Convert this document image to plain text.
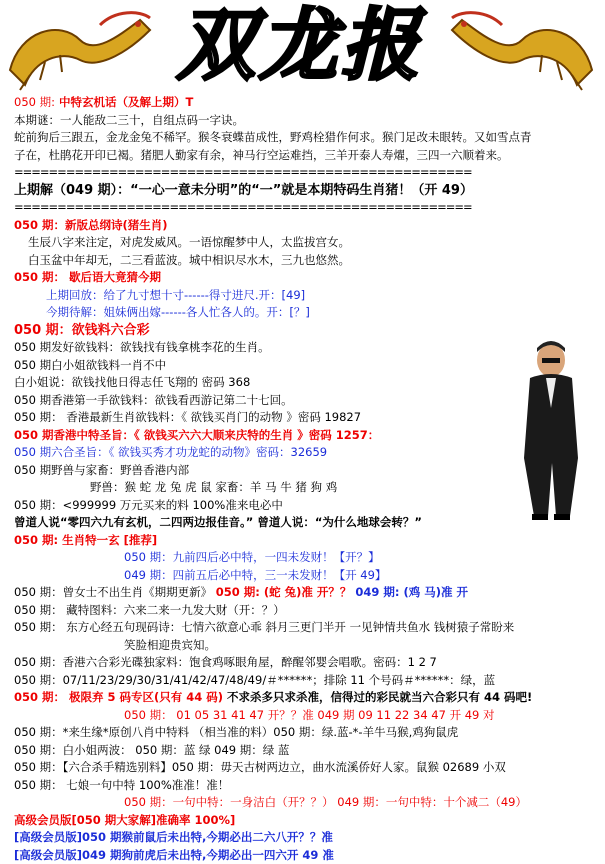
双龙报
050 期: 中特玄机话（及解上期）T
本期谜：一人能敌二三十，自组点码一字诀。
蛇前狗后三跟五，金龙金兔不稀罕。猴冬衰蝶苗成性，野鸡栓猎作何求。猴门足改未眼转。又如雪点青
子在，杜鹃花开印已褐。猪肥人勤家有余，神马行空运难挡，三羊开泰人寿燿，三四一六顺着来。
=====================================================
上期解（049 期）：“一心一意未分明”的“一”就是本期特码生肖猪！（开 49）
=====================================================
050 期：新版总纲诗(猪生肖)
生辰八字来注定，对虎发威风。一语惊醒梦中人，太监拔宫女。
白玉盆中年却无，二三看蓝波。城中相识尽水木，三九也悠然。
050 期： 歇后语大竟猜今期
上期回放：给了九寸想十寸------得寸进尺.开：[49]
今期待解：姐妹俩出嫁------各人忙各人的。开：[？]
050 期：欲钱料六合彩
050 期发好欲钱料：欲钱找有钱拿桃李花的生肖。
050 期白小姐欲钱料一肖不中
白小姐说：欲钱找他日得志任飞翔的 密码 368
050 期香港第一手欲钱料：欲钱看西游记第二十七回。
050 期： 香港最新生肖欲钱料：《 欲钱买肖门的动物 》密码 19827
050 期香港中特圣旨：《 欲钱买六六大顺来庆特的生肖 》密码 1257：
050 期六合圣旨：《 欲钱买秀才功龙蛇的动物》密码：32659
050 期野兽与家畜：野兽香港内部
野兽：猴 蛇 龙 兔 虎 鼠 家畜：羊 马 牛 猪 狗 鸡
050 期：<999999 万元买来的料 100%准来电必中
曾道人说“零四六九有玄机，二四两边报佳音。” 曾道人说：“为什么地球会转？”
050 期: 生肖特一玄 [推荐]
050 期：九前四后必中特，一四未发财！【开？】
049 期：四前五后必中特，三一未发财！【开 49】
050 期：曾女士不出生肖《期期更新》 050 期: (蛇 兔)准 开？？ 049 期: (鸡 马)准 开
050 期： 藏特图料：六来二来一九发大财（开：？）
050 期： 东方心经五句现码诗：七情六欲意心乖 斜月三更门半开 一见钟情共鱼水 钱树猿子常盼来
笑脸相迎贵宾知。
050 期：香港六合彩光碟独家料：饱食鸡啄眼角屋，醉醒邻婴会唱歌。密码：1 2 7
050 期：07/11/23/29/30/31/41/42/47/48/49/＃******；排除 11 个号码＃******：绿，蓝
050 期： 极限弃 5 码专区(只有 44 码) 不求杀多只求杀准，信得过的彩民就当六合彩只有 44 码吧!
050 期： 01 05 31 41 47 开？？准 049 期 09 11 22 34 47 开 49 对
050 期：*来生缘*原创八肖中特料 （相当准的料）050 期：绿.蓝-*-羊牛马猴,鸡狗鼠虎
050 期：白小姐两波： 050 期：蓝 绿 049 期：绿 蓝
050 期：【六合杀手精选别料】050 期：毋天古树两边立，曲水流溪侨好人家。鼠猴 02689 小双
050 期： 七娘一句中特 100%准准！准！
050 期：一句中特：一身洁白（开？？） 049 期：一句中特：十个减二（49）
高级会员版[050 期大家解]准确率 100%]
[高级会员版]050 期猴前鼠后未出特,今期必出二六八开？？准
[高级会员版]049 期狗前虎后未出特,今期必出一四六开 49 准
